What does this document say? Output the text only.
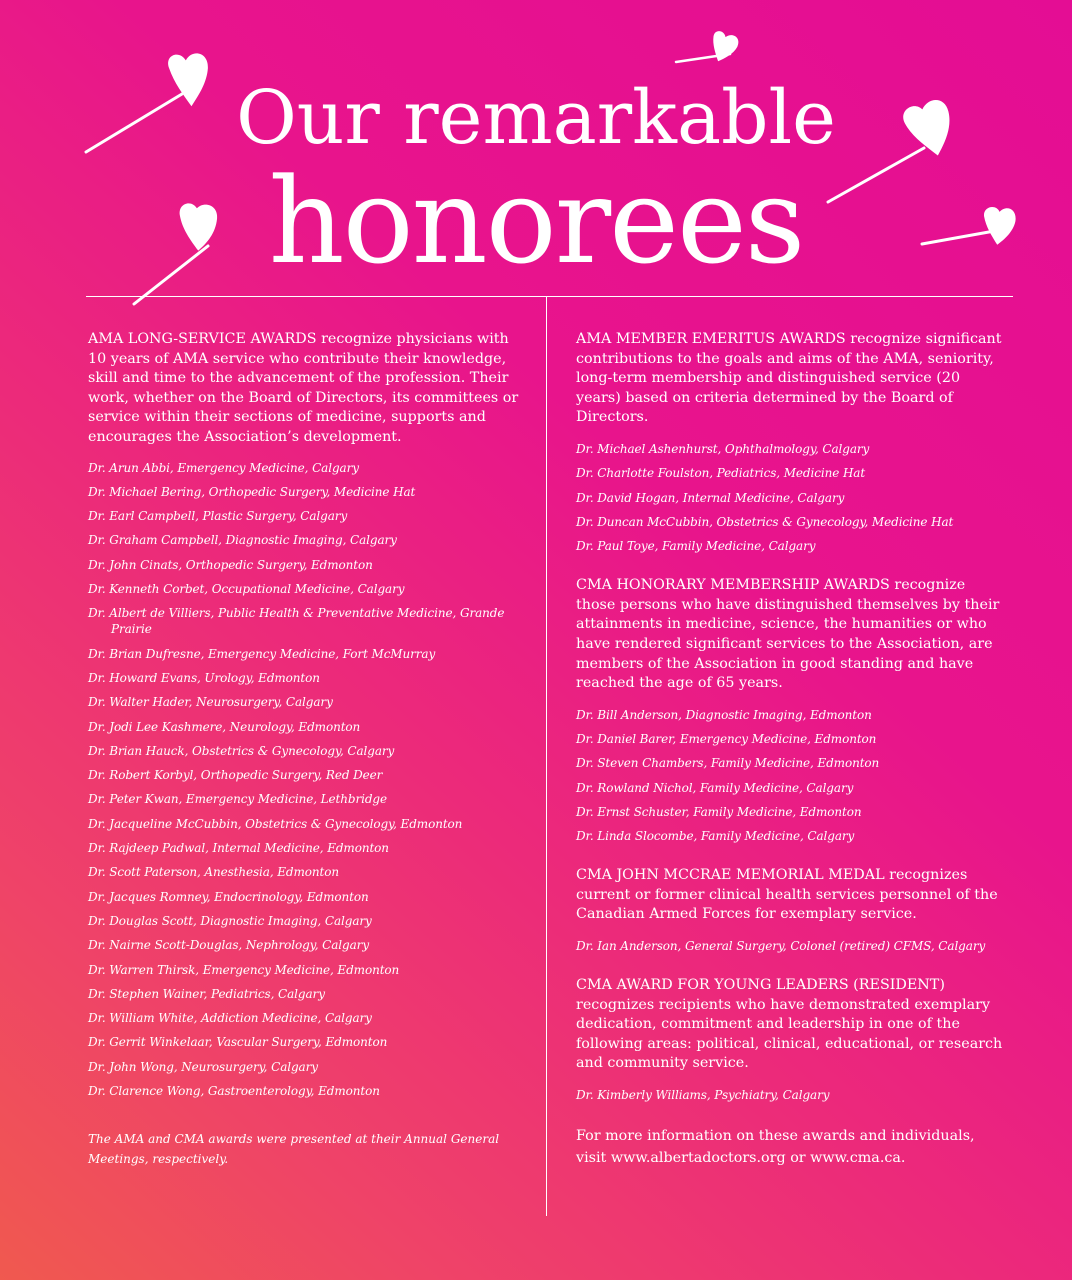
Our remarkable
honorees

AMA LONG-SERVICE AWARDS recognize physicians with 10 years of AMA service who contribute their knowledge, skill and time to the advancement of the profession. Their work, whether on the Board of Directors, its committees or service within their sections of medicine, supports and encourages the Association’s development.

Dr. Arun Abbi, Emergency Medicine, Calgary
Dr. Michael Bering, Orthopedic Surgery, Medicine Hat
Dr. Earl Campbell, Plastic Surgery, Calgary
Dr. Graham Campbell, Diagnostic Imaging, Calgary
Dr. John Cinats, Orthopedic Surgery, Edmonton
Dr. Kenneth Corbet, Occupational Medicine, Calgary
Dr. Albert de Villiers, Public Health & Preventative Medicine, Grande Prairie
Dr. Brian Dufresne, Emergency Medicine, Fort McMurray
Dr. Howard Evans, Urology, Edmonton
Dr. Walter Hader, Neurosurgery, Calgary
Dr. Jodi Lee Kashmere, Neurology, Edmonton
Dr. Brian Hauck, Obstetrics & Gynecology, Calgary
Dr. Robert Korbyl, Orthopedic Surgery, Red Deer
Dr. Peter Kwan, Emergency Medicine, Lethbridge
Dr. Jacqueline McCubbin, Obstetrics & Gynecology, Edmonton
Dr. Rajdeep Padwal, Internal Medicine, Edmonton
Dr. Scott Paterson, Anesthesia, Edmonton
Dr. Jacques Romney, Endocrinology, Edmonton
Dr. Douglas Scott, Diagnostic Imaging, Calgary
Dr. Nairne Scott-Douglas, Nephrology, Calgary
Dr. Warren Thirsk, Emergency Medicine, Edmonton
Dr. Stephen Wainer, Pediatrics, Calgary
Dr. William White, Addiction Medicine, Calgary
Dr. Gerrit Winkelaar, Vascular Surgery, Edmonton
Dr. John Wong, Neurosurgery, Calgary
Dr. Clarence Wong, Gastroenterology, Edmonton

The AMA and CMA awards were presented at their Annual General Meetings, respectively.

AMA MEMBER EMERITUS AWARDS recognize significant contributions to the goals and aims of the AMA, seniority, long-term membership and distinguished service (20 years) based on criteria determined by the Board of Directors.

Dr. Michael Ashenhurst, Ophthalmology, Calgary
Dr. Charlotte Foulston, Pediatrics, Medicine Hat
Dr. David Hogan, Internal Medicine, Calgary
Dr. Duncan McCubbin, Obstetrics & Gynecology, Medicine Hat
Dr. Paul Toye, Family Medicine, Calgary

CMA HONORARY MEMBERSHIP AWARDS recognize those persons who have distinguished themselves by their attainments in medicine, science, the humanities or who have rendered significant services to the Association, are members of the Association in good standing and have reached the age of 65 years.

Dr. Bill Anderson, Diagnostic Imaging, Edmonton
Dr. Daniel Barer, Emergency Medicine, Edmonton
Dr. Steven Chambers, Family Medicine, Edmonton
Dr. Rowland Nichol, Family Medicine, Calgary
Dr. Ernst Schuster, Family Medicine, Edmonton
Dr. Linda Slocombe, Family Medicine, Calgary

CMA JOHN MCCRAE MEMORIAL MEDAL recognizes current or former clinical health services personnel of the Canadian Armed Forces for exemplary service.

Dr. Ian Anderson, General Surgery, Colonel (retired) CFMS, Calgary

CMA AWARD FOR YOUNG LEADERS (RESIDENT) recognizes recipients who have demonstrated exemplary dedication, commitment and leadership in one of the following areas: political, clinical, educational, or research and community service.

Dr. Kimberly Williams, Psychiatry, Calgary

For more information on these awards and individuals, visit www.albertadoctors.org or www.cma.ca.
